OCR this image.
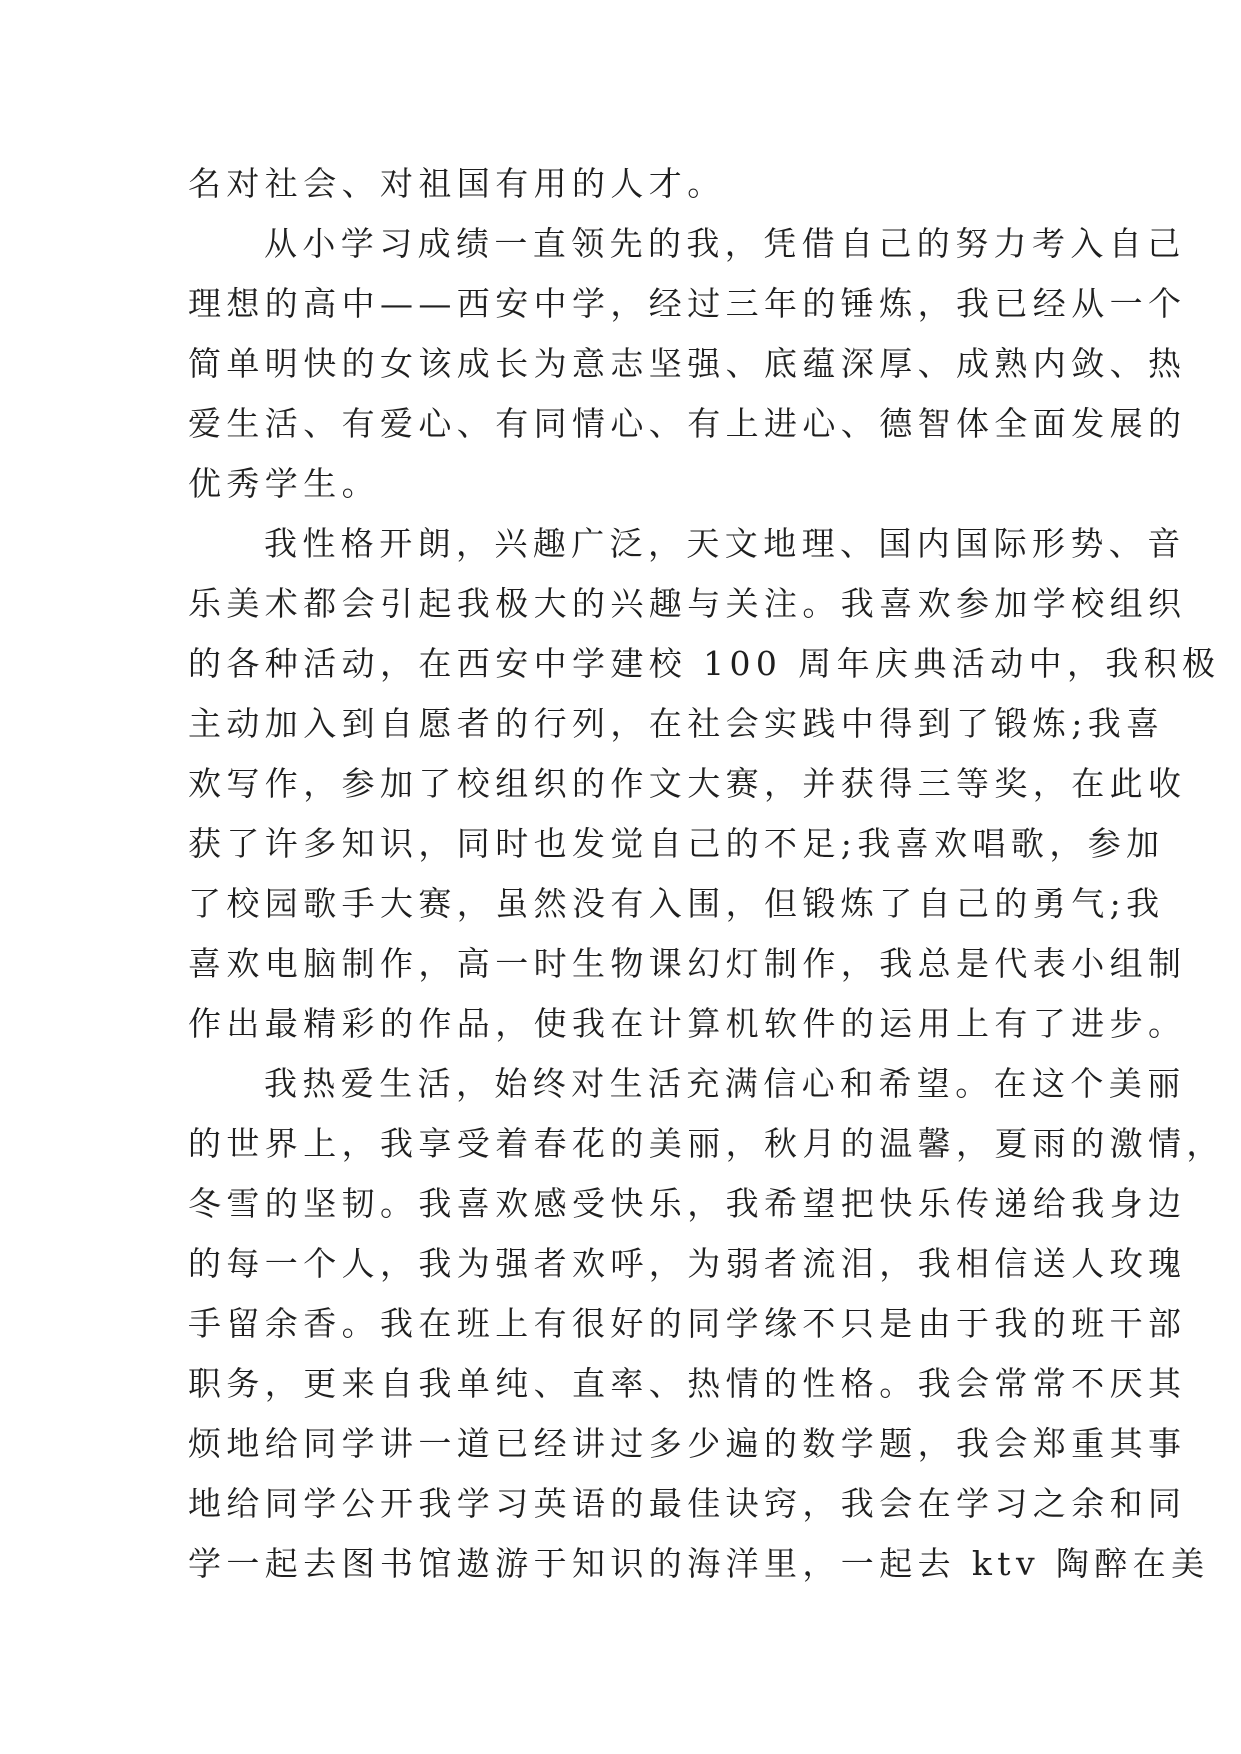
名对社会、对祖国有用的人才。
从小学习成绩一直领先的我，凭借自己的努力考入自己
理想的高中——西安中学，经过三年的锤炼，我已经从一个
简单明快的女该成长为意志坚强、底蕴深厚、成熟内敛、热
爱生活、有爱心、有同情心、有上进心、德智体全面发展的
优秀学生。
我性格开朗，兴趣广泛，天文地理、国内国际形势、音
乐美术都会引起我极大的兴趣与关注。我喜欢参加学校组织
的各种活动，在西安中学建校 100 周年庆典活动中，我积极
主动加入到自愿者的行列，在社会实践中得到了锻炼;我喜
欢写作，参加了校组织的作文大赛，并获得三等奖，在此收
获了许多知识，同时也发觉自己的不足;我喜欢唱歌，参加
了校园歌手大赛，虽然没有入围，但锻炼了自己的勇气;我
喜欢电脑制作，高一时生物课幻灯制作，我总是代表小组制
作出最精彩的作品，使我在计算机软件的运用上有了进步。
我热爱生活，始终对生活充满信心和希望。在这个美丽
的世界上，我享受着春花的美丽，秋月的温馨，夏雨的激情，
冬雪的坚韧。我喜欢感受快乐，我希望把快乐传递给我身边
的每一个人，我为强者欢呼，为弱者流泪，我相信送人玫瑰
手留余香。我在班上有很好的同学缘不只是由于我的班干部
职务，更来自我单纯、直率、热情的性格。我会常常不厌其
烦地给同学讲一道已经讲过多少遍的数学题，我会郑重其事
地给同学公开我学习英语的最佳诀窍，我会在学习之余和同
学一起去图书馆遨游于知识的海洋里，一起去 ktv 陶醉在美
